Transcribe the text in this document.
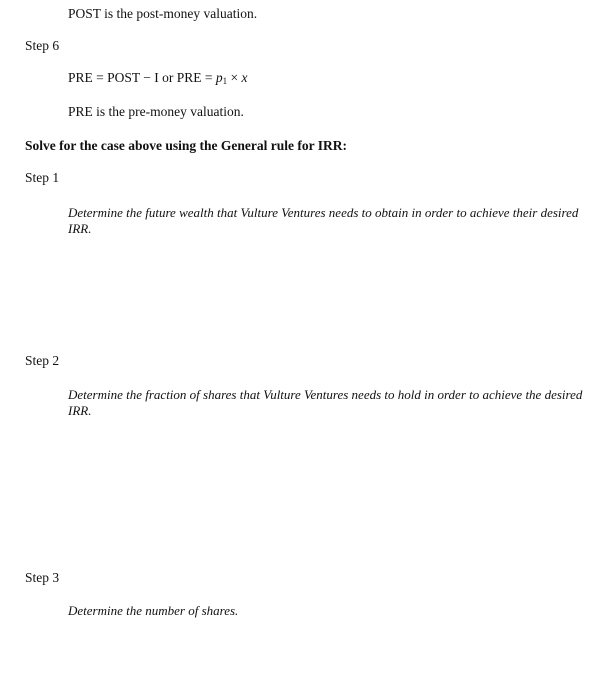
POST is the post-money valuation.
Step 6
PRE = POST − I or PRE = $p_1 \times x$
PRE is the pre-money valuation.
Solve for the case above using the General rule for IRR:
Step 1
Determine the future wealth that Vulture Ventures needs to obtain in order to achieve their desired IRR.
Step 2
Determine the fraction of shares that Vulture Ventures needs to hold in order to achieve the desired IRR.
Step 3
Determine the number of shares.
